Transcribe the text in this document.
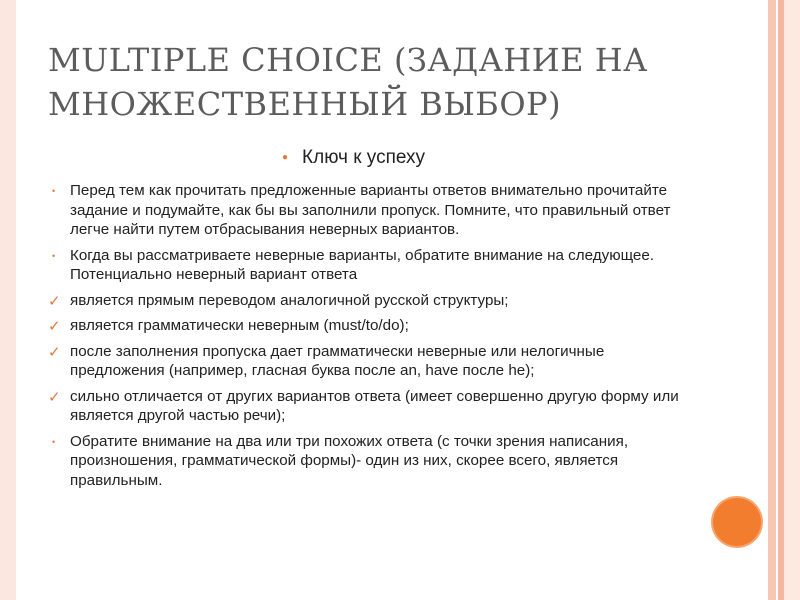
MULTIPLE CHOICE (ЗАДАНИЕ НА МНОЖЕСТВЕННЫЙ ВЫБОР)
● Ключ к успеху
• Перед тем как прочитать предложенные варианты ответов внимательно прочитайте задание и подумайте, как бы вы заполнили пропуск. Помните, что правильный ответ легче найти путем отбрасывания неверных вариантов.
• Когда вы рассматриваете неверные варианты, обратите внимание на следующее. Потенциально неверный вариант ответа
✓ является прямым переводом аналогичной русской структуры;
✓ является грамматически неверным (must/to/do);
✓ после заполнения пропуска дает грамматически неверные или нелогичные предложения (например, гласная буква после an, have после he);
✓ сильно отличается от других вариантов ответа (имеет совершенно другую форму или является другой частью речи);
• Обратите внимание на два или три похожих ответа (с точки зрения написания, произношения, грамматической формы)- один из них, скорее всего, является правильным.
